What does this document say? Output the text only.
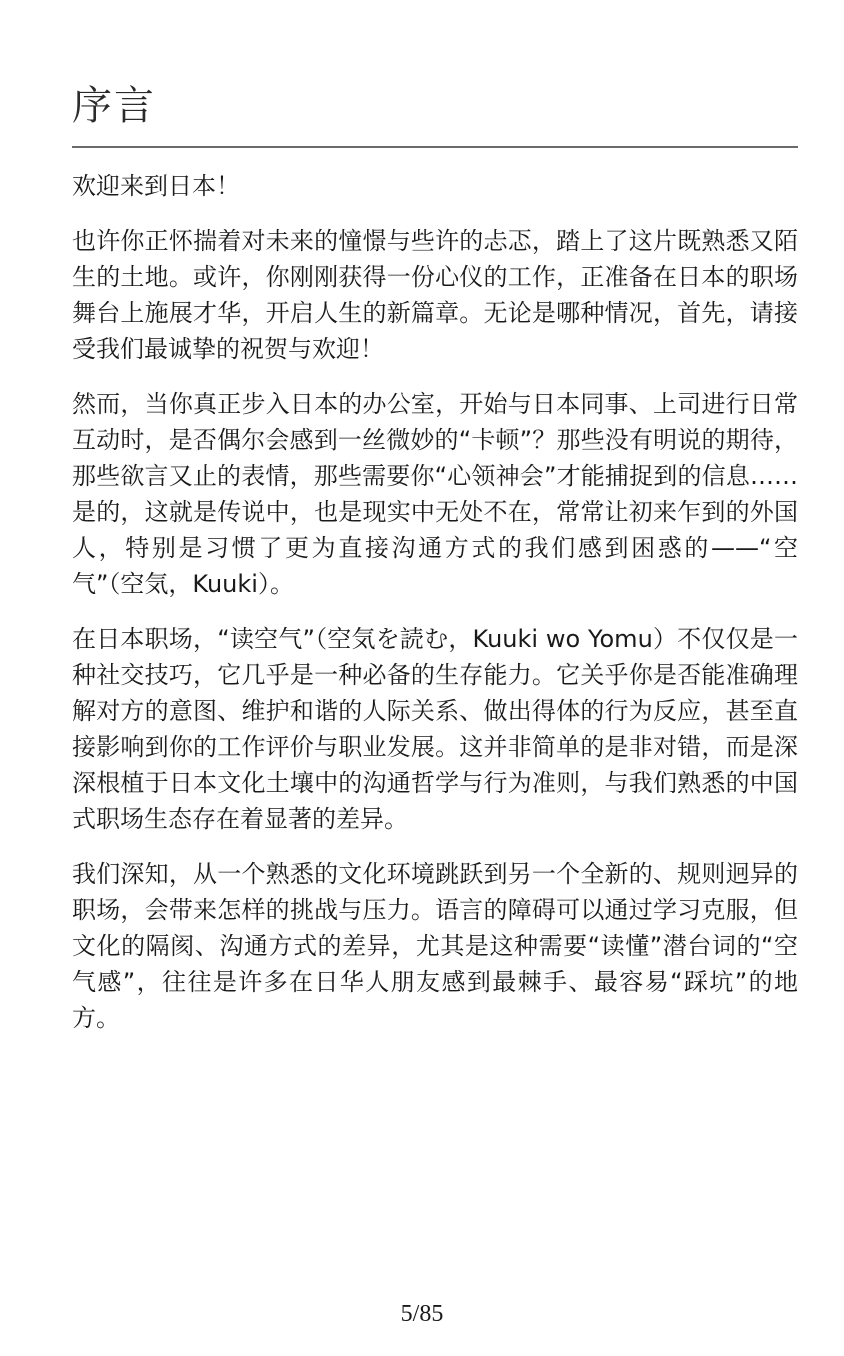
序言

欢迎来到日本！

也许你正怀揣着对未来的憧憬与些许的忐忑，踏上了这片既熟悉又陌生的土地。或许，你刚刚获得一份心仪的工作，正准备在日本的职场舞台上施展才华，开启人生的新篇章。无论是哪种情况，首先，请接受我们最诚挚的祝贺与欢迎！

然而，当你真正步入日本的办公室，开始与日本同事、上司进行日常互动时，是否偶尔会感到一丝微妙的“卡顿”？那些没有明说的期待，那些欲言又止的表情，那些需要你“心领神会”才能捕捉到的信息……是的，这就是传说中，也是现实中无处不在，常常让初来乍到的外国人，特别是习惯了更为直接沟通方式的我们感到困惑的——“空气”（空気，Kuuki）。

在日本职场，“读空气”（空気を読む，Kuuki wo Yomu）不仅仅是一种社交技巧，它几乎是一种必备的生存能力。它关乎你是否能准确理解对方的意图、维护和谐的人际关系、做出得体的行为反应，甚至直接影响到你的工作评价与职业发展。这并非简单的是非对错，而是深深根植于日本文化土壤中的沟通哲学与行为准则，与我们熟悉的中国式职场生态存在着显著的差异。

我们深知，从一个熟悉的文化环境跳跃到另一个全新的、规则迥异的职场，会带来怎样的挑战与压力。语言的障碍可以通过学习克服，但文化的隔阂、沟通方式的差异，尤其是这种需要“读懂”潜台词的“空气感”，往往是许多在日华人朋友感到最棘手、最容易“踩坑”的地方。

5/85
